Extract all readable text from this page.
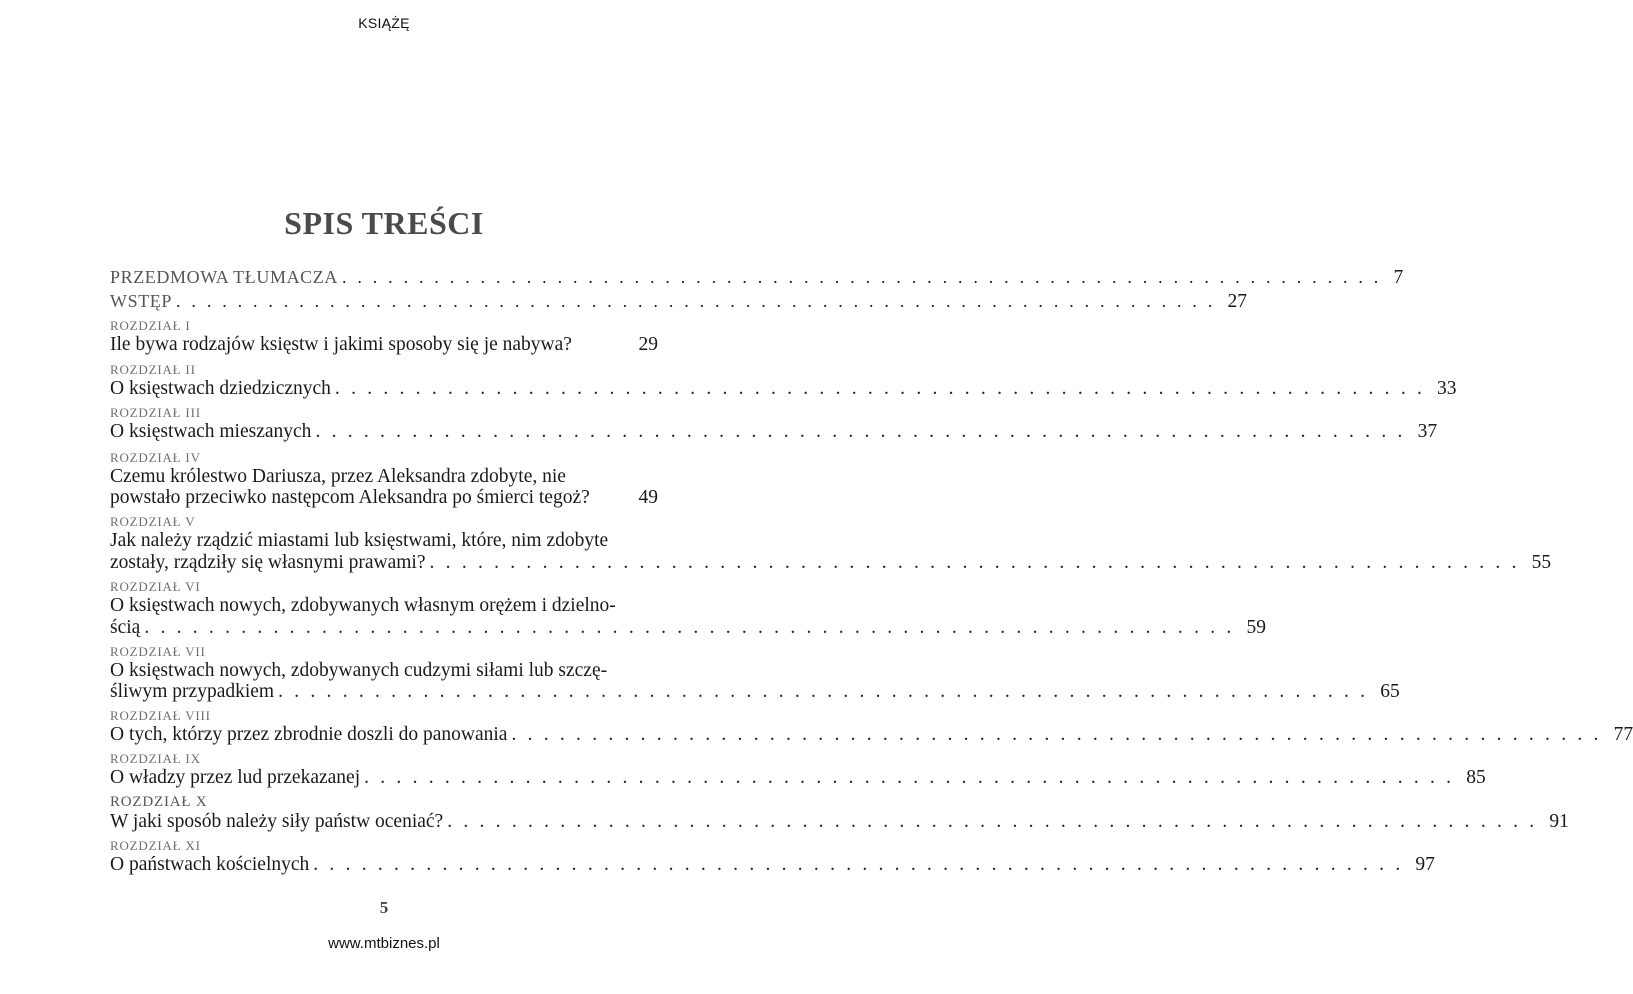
KSIĄŻĘ
SPIS TREŚCI
PRZEDMOWA TŁUMACZA . . . . . . . . . . . . . . . . . . . . . . . . . . . . . . . . . . . . . . . . . . . . . . . . . . . . . . . . . . . . . . . . . . . . 7
WSTĘP . . . . . . . . . . . . . . . . . . . . . . . . . . . . . . . . . . . . . . . . . . . . . . . . . . . . . . . . . . . . . . . . . . . . 27
ROZDZIAŁ I
Ile bywa rodzajów księstw i jakimi sposoby się je nabywa?	29
ROZDZIAŁ II
O księstwach dziedzicznych . . . . . . . . . . . . . . . . . . . . . . . . . . . . . . . . . . . . . . . . . . . . . . . . . . . . . . . . . . . . . . . . . . . . 33
ROZDZIAŁ III
O księstwach mieszanych . . . . . . . . . . . . . . . . . . . . . . . . . . . . . . . . . . . . . . . . . . . . . . . . . . . . . . . . . . . . . . . . . . . . 37
ROZDZIAŁ IV
Czemu królestwo Dariusza, przez Aleksandra zdobyte, nie
powstało przeciwko następcom Aleksandra po śmierci tegoż? 49
ROZDZIAŁ V
Jak należy rządzić miastami lub księstwami, które, nim zdobyte
zostały, rządziły się własnymi prawami? . . . . . . . . . . . . . . . . . . . . . . . . . . . . . . . . . . . . . . . . . . . . . . . . . . . . . . . . . . . . . . . . . . . . 55
ROZDZIAŁ VI
O księstwach nowych, zdobywanych własnym orężem i dzielno-
ścią . . . . . . . . . . . . . . . . . . . . . . . . . . . . . . . . . . . . . . . . . . . . . . . . . . . . . . . . . . . . . . . . . . . . 59
ROZDZIAŁ VII
O księstwach nowych, zdobywanych cudzymi siłami lub szczę-
śliwym przypadkiem . . . . . . . . . . . . . . . . . . . . . . . . . . . . . . . . . . . . . . . . . . . . . . . . . . . . . . . . . . . . . . . . . . . . 65
ROZDZIAŁ VIII
O tych, którzy przez zbrodnie doszli do panowania . . . . . . . . . . . . . . . . . . . . . . . . . . . . . . . . . . . . . . . . . . . . . . . . . . . . . . . . . . . . . . . . . . . . 77
ROZDZIAŁ IX
O władzy przez lud przekazanej . . . . . . . . . . . . . . . . . . . . . . . . . . . . . . . . . . . . . . . . . . . . . . . . . . . . . . . . . . . . . . . . . . . . 85
ROZDZIAŁ X
W jaki sposób należy siły państw oceniać? . . . . . . . . . . . . . . . . . . . . . . . . . . . . . . . . . . . . . . . . . . . . . . . . . . . . . . . . . . . . . . . . . . . . 91
ROZDZIAŁ XI
O państwach kościelnych . . . . . . . . . . . . . . . . . . . . . . . . . . . . . . . . . . . . . . . . . . . . . . . . . . . . . . . . . . . . . . . . . . . . 97
5
www.mtbiznes.pl
